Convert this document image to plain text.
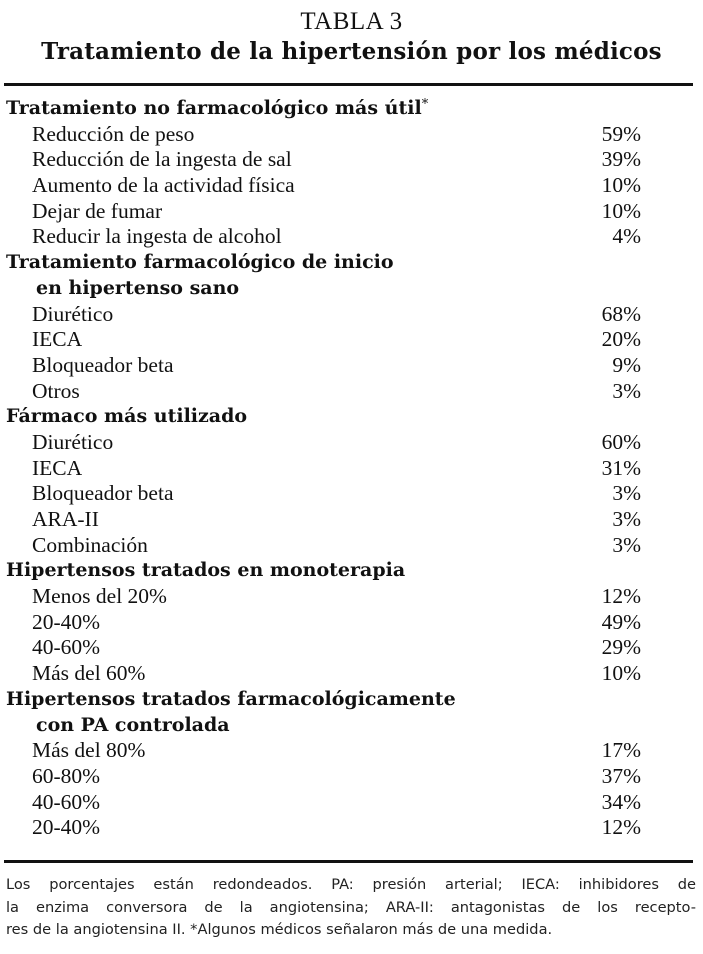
TABLA 3
Tratamiento de la hipertensión por los médicos
Tratamiento no farmacológico más útil*
Reducción de peso	59%
Reducción de la ingesta de sal	39%
Aumento de la actividad física	10%
Dejar de fumar	10%
Reducir la ingesta de alcohol	4%
Tratamiento farmacológico de inicio
en hipertenso sano
Diurético	68%
IECA	20%
Bloqueador beta	9%
Otros	3%
Fármaco más utilizado
Diurético	60%
IECA	31%
Bloqueador beta	3%
ARA-II	3%
Combinación	3%
Hipertensos tratados en monoterapia
Menos del 20%	12%
20-40%	49%
40-60%	29%
Más del 60%	10%
Hipertensos tratados farmacológicamente
con PA controlada
Más del 80%	17%
60-80%	37%
40-60%	34%
20-40%	12%
Los porcentajes están redondeados. PA: presión arterial; IECA: inhibidores de
la enzima conversora de la angiotensina; ARA-II: antagonistas de los recepto-
res de la angiotensina II. *Algunos médicos señalaron más de una medida.
